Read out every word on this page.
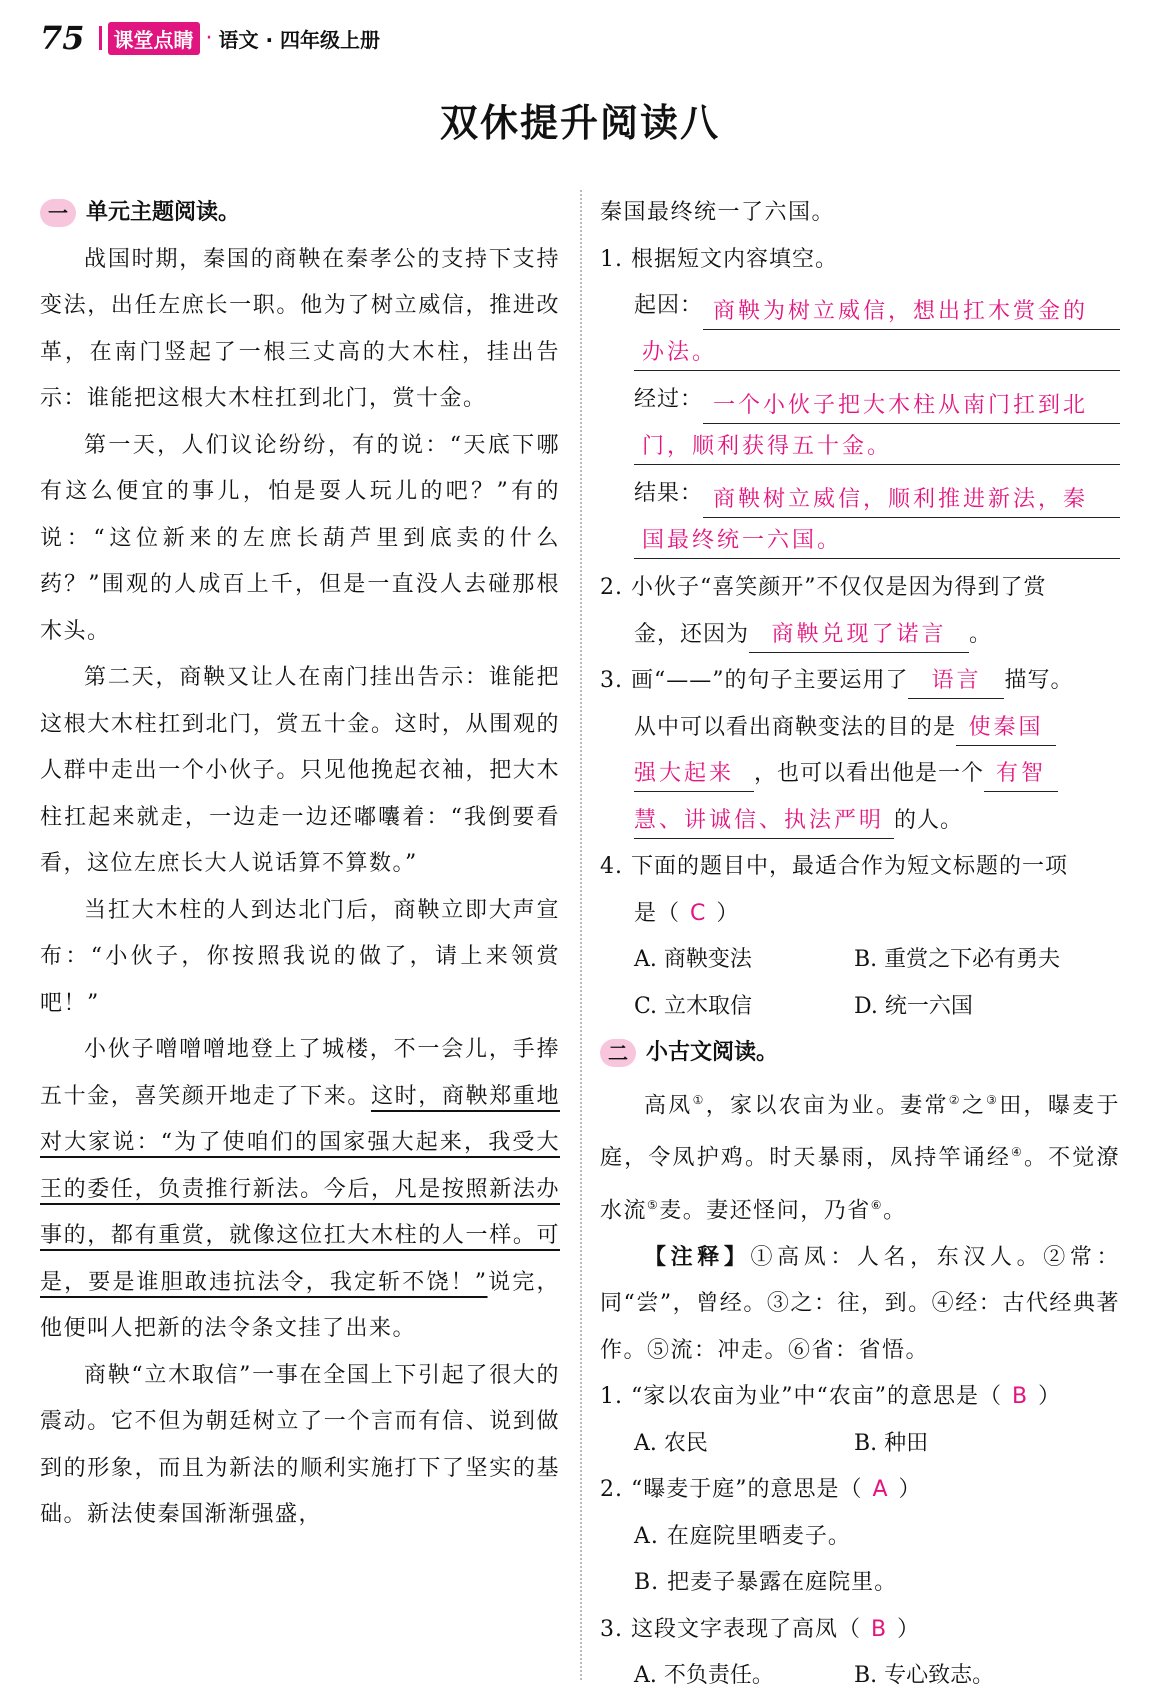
75	课堂点睛 · 语文 · 四年级上册
双休提升阅读八
一 单元主题阅读。

战国时期，秦国的商鞅在秦孝公的支持下支持变法，出任左庶长一职。他为了树立威信，推进改革，在南门竖起了一根三丈高的大木柱，挂出告示：谁能把这根大木柱扛到北门，赏十金。

第一天，人们议论纷纷，有的说：“天底下哪有这么便宜的事儿，怕是耍人玩儿的吧？”有的说：“这位新来的左庶长葫芦里到底卖的什么药？”围观的人成百上千，但是一直没人去碰那根木头。

第二天，商鞅又让人在南门挂出告示：谁能把这根大木柱扛到北门，赏五十金。这时，从围观的人群中走出一个小伙子。只见他挽起衣袖，把大木柱扛起来就走，一边走一边还嘟囔着：“我倒要看看，这位左庶长大人说话算不算数。”

当扛大木柱的人到达北门后，商鞅立即大声宣布：“小伙子，你按照我说的做了，请上来领赏吧！”

小伙子噌噌噌地登上了城楼，不一会儿，手捧五十金，喜笑颜开地走了下来。这时，商鞅郑重地对大家说：“为了使咱们的国家强大起来，我受大王的委任，负责推行新法。今后，凡是按照新法办事的，都有重赏，就像这位扛大木柱的人一样。可是，要是谁胆敢违抗法令，我定斩不饶！”说完，他便叫人把新的法令条文挂了出来。

商鞅“立木取信”一事在全国上下引起了很大的震动。它不但为朝廷树立了一个言而有信、说到做到的形象，而且为新法的顺利实施打下了坚实的基础。新法使秦国渐渐强盛，

秦国最终统一了六国。

1. 根据短文内容填空。

起因： 商鞅为树立威信，想出扛木赏金的
办法。
经过： 一个小伙子把大木柱从南门扛到北
门，顺利获得五十金。
结果： 商鞅树立威信，顺利推进新法，秦
国最终统一六国。

2. 小伙子“喜笑颜开”不仅仅是因为得到了赏

金，还因为 商鞅兑现了诺言 。

3. 画“——”的句子主要运用了 语言 描写。

从中可以看出商鞅变法的目的是 使秦国

强大起来 ，也可以看出他是一个 有智

慧、讲诚信、执法严明 的人。

4. 下面的题目中，最适合作为短文标题的一项

是（ C ）

A. 商鞅变法	B. 重赏之下必有勇夫
C. 立木取信	D. 统一六国
二 小古文阅读。

高凤①，家以农亩为业。妻常②之③田，曝麦于庭，令凤护鸡。时天暴雨，凤持竿诵经④。不觉潦水流⑤麦。妻还怪问，乃省⑥。

【注释】①高凤：人名，东汉人。②常：同“尝”，曾经。③之：往，到。④经：古代经典著作。⑤流：冲走。⑥省：省悟。

1. “家以农亩为业”中“农亩”的意思是（ B ）

A. 农民	B. 种田

2. “曝麦于庭”的意思是（ A ）

A. 在庭院里晒麦子。

B. 把麦子暴露在庭院里。

3. 这段文字表现了高凤（ B ）

A. 不负责任。	B. 专心致志。
